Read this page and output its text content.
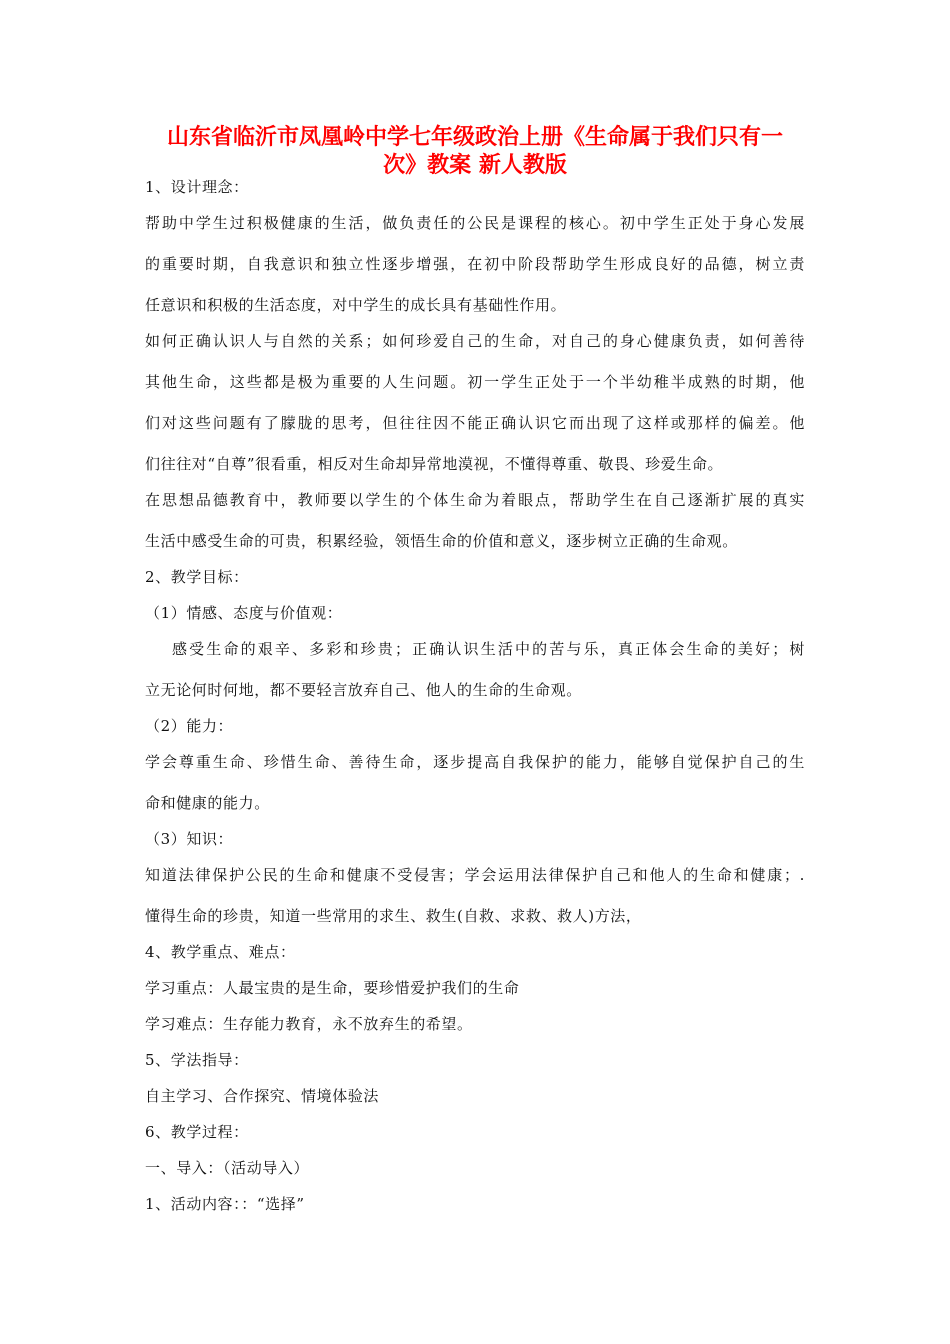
山东省临沂市凤凰岭中学七年级政治上册《生命属于我们只有一
次》教案 新人教版
1、设计理念：
帮助中学生过积极健康的生活，做负责任的公民是课程的核心。初中学生正处于身心发展
的重要时期，自我意识和独立性逐步增强，在初中阶段帮助学生形成良好的品德，树立责
任意识和积极的生活态度，对中学生的成长具有基础性作用。
如何正确认识人与自然的关系；如何珍爱自己的生命，对自己的身心健康负责，如何善待
其他生命，这些都是极为重要的人生问题。初一学生正处于一个半幼稚半成熟的时期，他
们对这些问题有了朦胧的思考，但往往因不能正确认识它而出现了这样或那样的偏差。他
们往往对“自尊”很看重，相反对生命却异常地漠视，不懂得尊重、敬畏、珍爱生命。
在思想品德教育中，教师要以学生的个体生命为着眼点，帮助学生在自己逐渐扩展的真实
生活中感受生命的可贵，积累经验，领悟生命的价值和意义，逐步树立正确的生命观。
2、教学目标：
（1）情感、态度与价值观：
感受生命的艰辛、多彩和珍贵；正确认识生活中的苦与乐，真正体会生命的美好；树
立无论何时何地，都不要轻言放弃自己、他人的生命的生命观。
（2）能力：
学会尊重生命、珍惜生命、善待生命，逐步提高自我保护的能力，能够自觉保护自己的生
命和健康的能力。
（3）知识：
知道法律保护公民的生命和健康不受侵害；学会运用法律保护自己和他人的生命和健康；.
懂得生命的珍贵，知道一些常用的求生、救生(自救、求救、救人)方法，
4、教学重点、难点：
学习重点：人最宝贵的是生命，要珍惜爱护我们的生命
学习难点：生存能力教育，永不放弃生的希望。
5、学法指导：
自主学习、合作探究、情境体验法
6、教学过程：
一、导入：（活动导入）
1、活动内容：：“选择”
